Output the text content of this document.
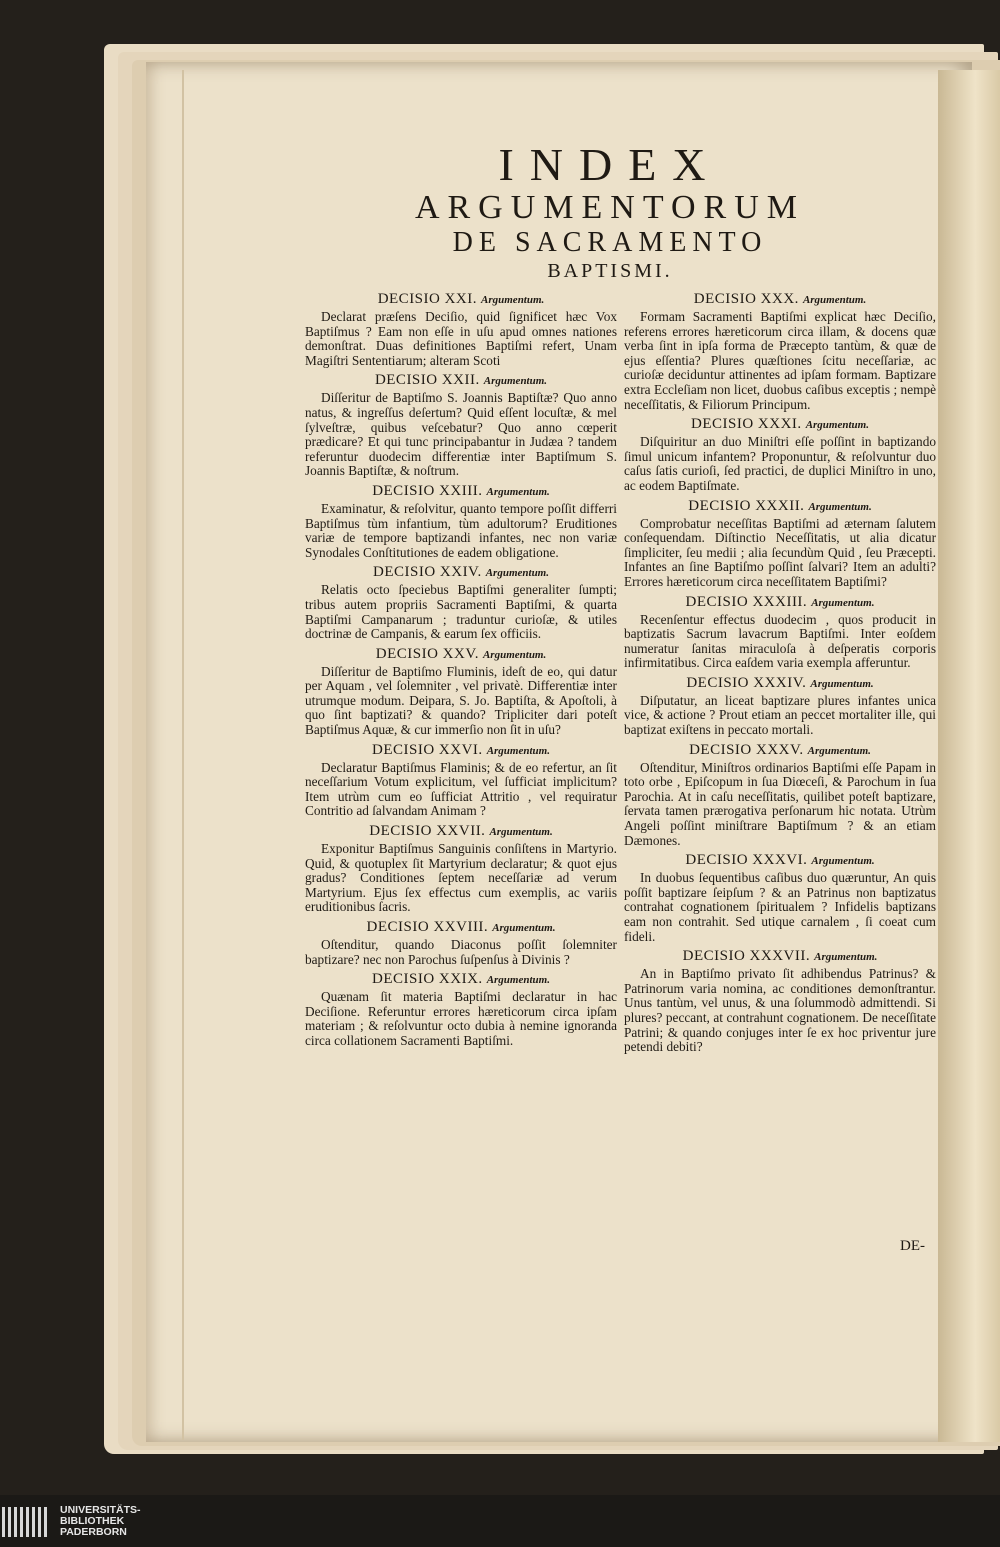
INDEX
ARGUMENTORUM
DE SACRAMENTO
BAPTISMI.
DECISIO XXI. Argumentum.
Declarat præſens Deciſio, quid ſignificet hæc Vox Baptiſmus ? Eam non eſſe in uſu apud omnes nationes demonſtrat. Duas definitiones Baptiſmi refert, Unam Magiſtri Sententiarum; alteram Scoti
DECISIO XXII. Argumentum.
Diſſeritur de Baptiſmo S. Joannis Baptiſtæ? Quo anno natus, & ingreſſus deſertum? Quid eſſent locuſtæ, & mel ſylveſtræ, quibus veſcebatur? Quo anno cœperit prædicare? Et qui tunc principabantur in Judæa ? tandem referuntur duodecim differentiæ inter Baptiſmum S. Joannis Baptiſtæ, & noſtrum.
DECISIO XXIII. Argumentum.
Examinatur, & reſolvitur, quanto tempore poſſit differri Baptiſmus tùm infantium, tùm adultorum? Eruditiones variæ de tempore baptizandi infantes, nec non variæ Synodales Conſtitutiones de eadem obligatione.
DECISIO XXIV. Argumentum.
Relatis octo ſpeciebus Baptiſmi generaliter ſumpti; tribus autem propriis Sacramenti Baptiſmi, & quarta Baptiſmi Campanarum ; traduntur curioſæ, & utiles doctrinæ de Campanis, & earum ſex officiis.
DECISIO XXV. Argumentum.
Diſſeritur de Baptiſmo Fluminis, ideſt de eo, qui datur per Aquam , vel ſolemniter , vel privatè. Differentiæ inter utrumque modum. Deipara, S. Jo. Baptiſta, & Apoſtoli, à quo ſint baptizati? & quando? Tripliciter dari poteſt Baptiſmus Aquæ, & cur immerſio non ſit in uſu?
DECISIO XXVI. Argumentum.
Declaratur Baptiſmus Flaminis; & de eo refertur, an ſit neceſſarium Votum explicitum, vel ſufficiat implicitum? Item utrùm cum eo ſufficiat Attritio , vel requiratur Contritio ad ſalvandam Animam ?
DECISIO XXVII. Argumentum.
Exponitur Baptiſmus Sanguinis conſiſtens in Martyrio. Quid, & quotuplex ſit Martyrium declaratur; & quot ejus gradus? Conditiones ſeptem neceſſariæ ad verum Martyrium. Ejus ſex effectus cum exemplis, ac variis eruditionibus ſacris.
DECISIO XXVIII. Argumentum.
Oſtenditur, quando Diaconus poſſit ſolemniter baptizare? nec non Parochus ſuſpenſus à Divinis ?
DECISIO XXIX. Argumentum.
Quænam ſit materia Baptiſmi declaratur in hac Deciſione. Referuntur errores hæreticorum circa ipſam materiam ; & reſolvuntur octo dubia à nemine ignoranda circa collationem Sacramenti Baptiſmi.
DECISIO XXX. Argumentum.
Formam Sacramenti Baptiſmi explicat hæc Deciſio, referens errores hæreticorum circa illam, & docens quæ verba ſint in ipſa forma de Præcepto tantùm, & quæ de ejus eſſentia? Plures quæſtiones ſcitu neceſſariæ, ac curioſæ deciduntur attinentes ad ipſam formam. Baptizare extra Eccleſiam non licet, duobus caſibus exceptis ; nempè neceſſitatis, & Filiorum Principum.
DECISIO XXXI. Argumentum.
Diſquiritur an duo Miniſtri eſſe poſſint in baptizando ſimul unicum infantem? Proponuntur, & reſolvuntur duo caſus ſatis curioſi, ſed practici, de duplici Miniſtro in uno, ac eodem Baptiſmate.
DECISIO XXXII. Argumentum.
Comprobatur neceſſitas Baptiſmi ad æternam ſalutem conſequendam. Diſtinctio Neceſſitatis, ut alia dicatur ſimpliciter, ſeu medii ; alia ſecundùm Quid , ſeu Præcepti. Infantes an ſine Baptiſmo poſſint ſalvari? Item an adulti? Errores hæreticorum circa neceſſitatem Baptiſmi?
DECISIO XXXIII. Argumentum.
Recenſentur effectus duodecim , quos producit in baptizatis Sacrum lavacrum Baptiſmi. Inter eoſdem numeratur ſanitas miraculoſa à deſperatis corporis infirmitatibus. Circa eaſdem varia exempla afferuntur.
DECISIO XXXIV. Argumentum.
Diſputatur, an liceat baptizare plures infantes unica vice, & actione ? Prout etiam an peccet mortaliter ille, qui baptizat exiſtens in peccato mortali.
DECISIO XXXV. Argumentum.
Oſtenditur, Miniſtros ordinarios Baptiſmi eſſe Papam in toto orbe , Epiſcopum in ſua Diœceſi, & Parochum in ſua Parochia. At in caſu neceſſitatis, quilibet poteſt baptizare, ſervata tamen prærogativa perſonarum hic notata. Utrùm Angeli poſſint miniſtrare Baptiſmum ? & an etiam Dæmones.
DECISIO XXXVI. Argumentum.
In duobus ſequentibus caſibus duo quæruntur, An quis poſſit baptizare ſeipſum ? & an Patrinus non baptizatus contrahat cognationem ſpiritualem ? Infidelis baptizans eam non contrahit. Sed utique carnalem , ſi coeat cum fideli.
DECISIO XXXVII. Argumentum.
An in Baptiſmo privato ſit adhibendus Patrinus? & Patrinorum varia nomina, ac conditiones demonſtrantur. Unus tantùm, vel unus, & una ſolummodò admittendi. Si plures? peccant, at contrahunt cognationem. De neceſſitate Patrini; & quando conjuges inter ſe ex hoc priventur jure petendi debiti?
DE-
UNIVERSITÄTS-
BIBLIOTHEK
PADERBORN
